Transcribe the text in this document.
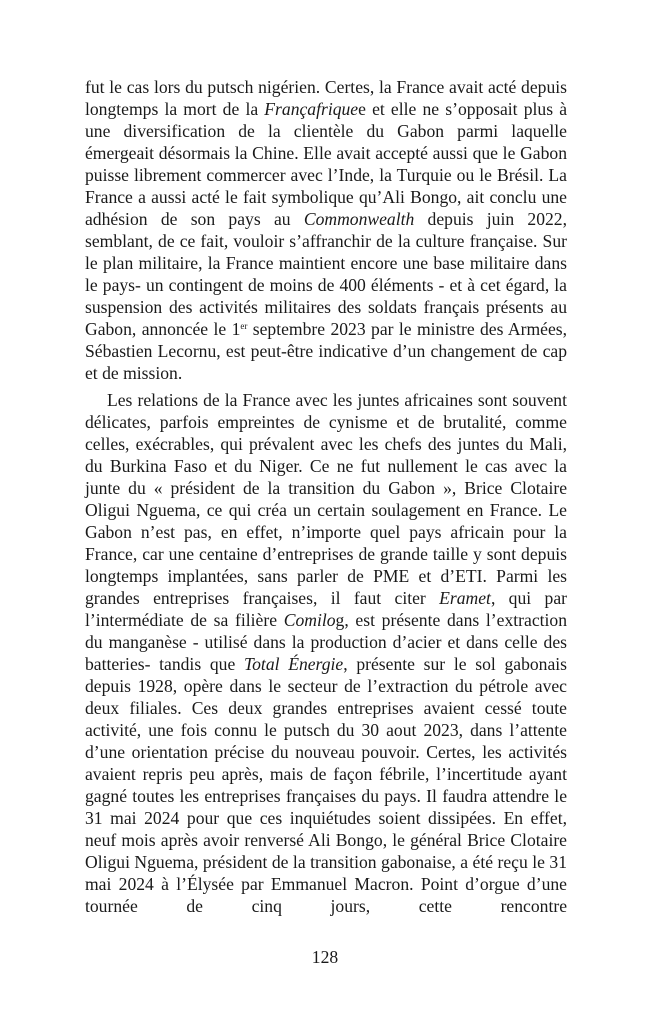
fut le cas lors du putsch nigérien. Certes, la France avait acté depuis longtemps la mort de la Françafriquee et elle ne s’opposait plus à une diversification de la clientèle du Gabon parmi laquelle émergeait désormais la Chine. Elle avait accepté aussi que le Gabon puisse librement commercer avec l’Inde, la Turquie ou le Brésil. La France a aussi acté le fait symbolique qu’Ali Bongo, ait conclu une adhésion de son pays au Commonwealth depuis juin 2022, semblant, de ce fait, vouloir s’affranchir de la culture française. Sur le plan militaire, la France maintient encore une base militaire dans le pays- un contingent de moins de 400 éléments - et à cet égard, la suspension des activités militaires des soldats français présents au Gabon, annoncée le 1er septembre 2023 par le ministre des Armées, Sébastien Lecornu, est peut-être indicative d’un changement de cap et de mission.

Les relations de la France avec les juntes africaines sont souvent délicates, parfois empreintes de cynisme et de brutalité, comme celles, exécrables, qui prévalent avec les chefs des juntes du Mali, du Burkina Faso et du Niger. Ce ne fut nullement le cas avec la junte du « président de la transition du Gabon », Brice Clotaire Oligui Nguema, ce qui créa un certain soulagement en France. Le Gabon n’est pas, en effet, n’importe quel pays africain pour la France, car une centaine d’entreprises de grande taille y sont depuis longtemps implantées, sans parler de PME et d’ETI. Parmi les grandes entreprises françaises, il faut citer Eramet, qui par l’intermédiate de sa filière Comilog, est présente dans l’extraction du manganèse - utilisé dans la production d’acier et dans celle des batteries- tandis que Total Énergie, présente sur le sol gabonais depuis 1928, opère dans le secteur de l’extraction du pétrole avec deux filiales. Ces deux grandes entreprises avaient cessé toute activité, une fois connu le putsch du 30 aout 2023, dans l’attente d’une orientation précise du nouveau pouvoir. Certes, les activités avaient repris peu après, mais de façon fébrile, l’incertitude ayant gagné toutes les entreprises françaises du pays. Il faudra attendre le 31 mai 2024 pour que ces inquiétudes soient dissipées. En effet, neuf mois après avoir renversé Ali Bongo, le général Brice Clotaire Oligui Nguema, président de la transition gabonaise, a été reçu le 31 mai 2024 à l’Élysée par Emmanuel Macron. Point d’orgue d’une tournée de cinq jours, cette rencontre

128
